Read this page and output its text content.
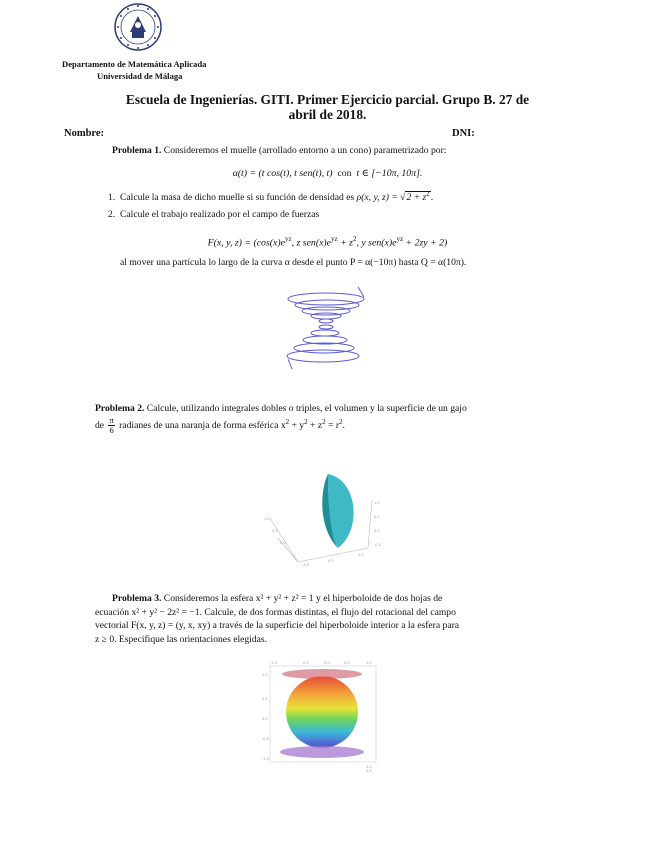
Departamento de Matemática Aplicada
Universidad de Málaga
Escuela de Ingenierías. GITI. Primer Ejercicio parcial. Grupo B. 27 de
abril de 2018.
Nombre:	DNI:
Problema 1. Consideremos el muelle (arrollado entorno a un cono) parametrizado por:
α(t) = (t cos(t), t sen(t), t) con t ∈ [−10π, 10π].
1. Calcule la masa de dicho muelle si su función de densidad es ρ(x, y, $z) = √2 + z^2$.
2. Calcule el trabajo realizado por el campo de fuerzas
F(x, y, $z) = (\cos(x)e^{yz}$, z $sen(x)e^{yz} + z^2$, y $sen(x)e^{yz} + 2zy + 2$)
al mover una partícula lo largo de la curva α desde el punto P = α(−10π) hasta Q = α(10π).
Problema 2. Calcule, utilizando integrales dobles o triples, el volumen y la superficie de un gajo
de $\frac{\pi}{6}$ radianes de una naranja de forma esférica $x^2 + y^2 + z^2 = r^2$.
1.0
0.5
0.0
-1.0
0.0
1.0
1.0
0.5
0.0
-0.5
Problema 3. Consideremos la esfera x² + y² + z² = 1 y el hiperboloide de dos hojas de
ecuación x² + y² − 2z² = −1. Calcule, de dos formas distintas, el flujo del rotacional del campo
vectorial F(x, y, z) = (y, x, xy) a través de la superficie del hiperboloide interior a la esfera para
z ≥ 0. Especifique las orientaciones elegidas.
-1.0	-0.5	0.0	0.5	1.0
1.0
0.5
0.0
-0.5
-1.0
1.0
0.5
